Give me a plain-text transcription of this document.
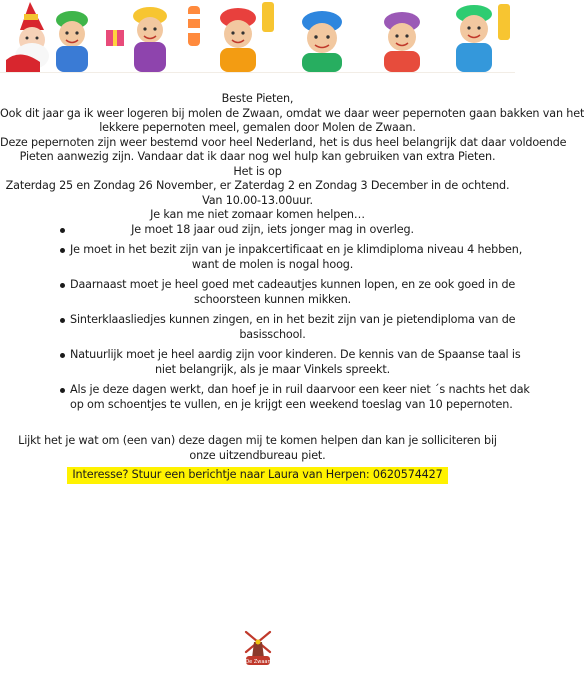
Beste Pieten,
Ook dit jaar ga ik weer logeren bij molen de Zwaan, omdat we daar weer pepernoten gaan bakken van het
lekkere pepernoten meel, gemalen door Molen de Zwaan.
Deze pepernoten zijn weer bestemd voor heel Nederland, het is dus heel belangrijk dat daar voldoende
Pieten aanwezig zijn. Vandaar dat ik daar nog wel hulp kan gebruiken van extra Pieten.
Het is op
Zaterdag 25 en Zondag 26 November, er Zaterdag 2 en Zondag 3 December in de ochtend.
Van 10.00-13.00uur.
Je kan me niet zomaar komen helpen…
Je moet 18 jaar oud zijn, iets jonger mag in overleg.
Je moet in het bezit zijn van je inpakcertificaat en je klimdiploma niveau 4 hebben,
want de molen is nogal hoog.
Daarnaast moet je heel goed met cadeautjes kunnen lopen, en ze ook goed in de
schoorsteen kunnen mikken.
Sinterklaasliedjes kunnen zingen, en in het bezit zijn van je pietendiploma van de
basisschool.
Natuurlijk moet je heel aardig zijn voor kinderen. De kennis van de Spaanse taal is
niet belangrijk, als je maar Vinkels spreekt.
Als je deze dagen werkt, dan hoef je in ruil daarvoor een keer niet ´s nachts het dak
op om schoentjes te vullen, en je krijgt een weekend toeslag van 10 pepernoten.
Lijkt het je wat om (een van) deze dagen mij te komen helpen dan kan je solliciteren bij
onze uitzendbureau piet.
Interesse? Stuur een berichtje naar Laura van Herpen: 0620574427
De Zwaan
